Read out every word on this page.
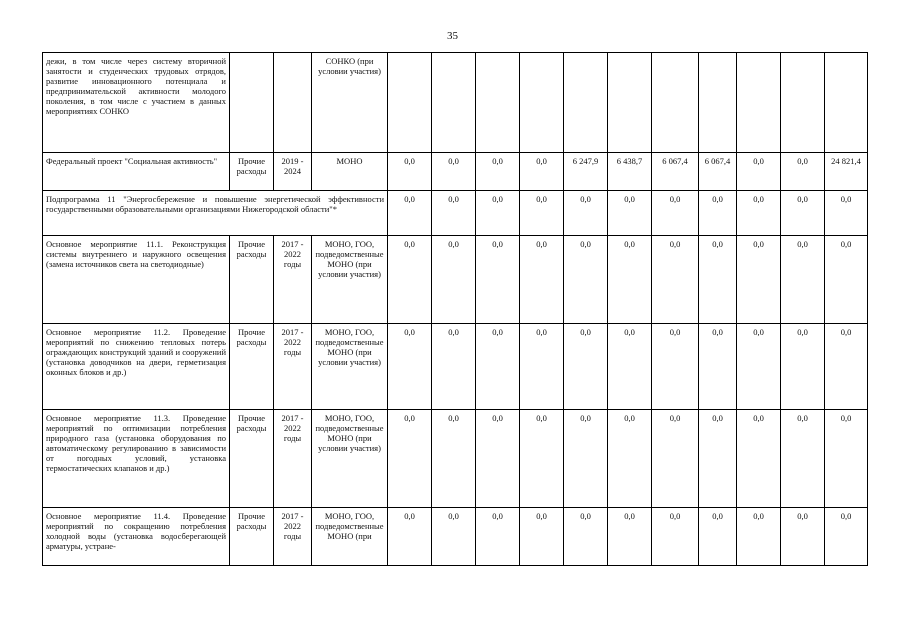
35
дежи, в том числе через систему вторичной занятости и студенческих трудовых отрядов, развитие инновационного потенциала и предпринимательской активности молодого поколения, в том числе с участием в данных мероприятиях СОНКО			СОНКО (при условии участия)											
Федеральный проект "Социальная активность"	Прочие расходы	2019 - 2024	МОНО	0,0	0,0	0,0	0,0	6 247,9	6 438,7	6 067,4	6 067,4	0,0	0,0	24 821,4
Подпрограмма 11 "Энергосбережение и повышение энергетической эффективности государственными образовательными организациями Нижегородской области"*				0,0	0,0	0,0	0,0	0,0	0,0	0,0	0,0	0,0	0,0	0,0
Основное мероприятие 11.1. Реконструкция системы внутреннего и наружного освещения (замена источников света на светодиодные)	Прочие расходы	2017 - 2022 годы	МОНО, ГОО, подведомственные МОНО (при условии участия)	0,0	0,0	0,0	0,0	0,0	0,0	0,0	0,0	0,0	0,0	0,0
Основное мероприятие 11.2. Проведение мероприятий по снижению тепловых потерь ограждающих конструкций зданий и сооружений (установка доводчиков на двери, герметизация оконных блоков и др.)	Прочие расходы	2017 - 2022 годы	МОНО, ГОО, подведомственные МОНО (при условии участия)	0,0	0,0	0,0	0,0	0,0	0,0	0,0	0,0	0,0	0,0	0,0
Основное мероприятие 11.3. Проведение мероприятий по оптимизации потребления природного газа (установка оборудования по автоматическому регулированию в зависимости от погодных условий, установка термостатических клапанов и др.)	Прочие расходы	2017 - 2022 годы	МОНО, ГОО, подведомственные МОНО (при условии участия)	0,0	0,0	0,0	0,0	0,0	0,0	0,0	0,0	0,0	0,0	0,0
Основное мероприятие 11.4. Проведение мероприятий по сокращению потребления холодной воды (установка водосберегающей арматуры, устране-	Прочие расходы	2017 - 2022 годы	МОНО, ГОО, подведомственные МОНО (при	0,0	0,0	0,0	0,0	0,0	0,0	0,0	0,0	0,0	0,0	0,0
